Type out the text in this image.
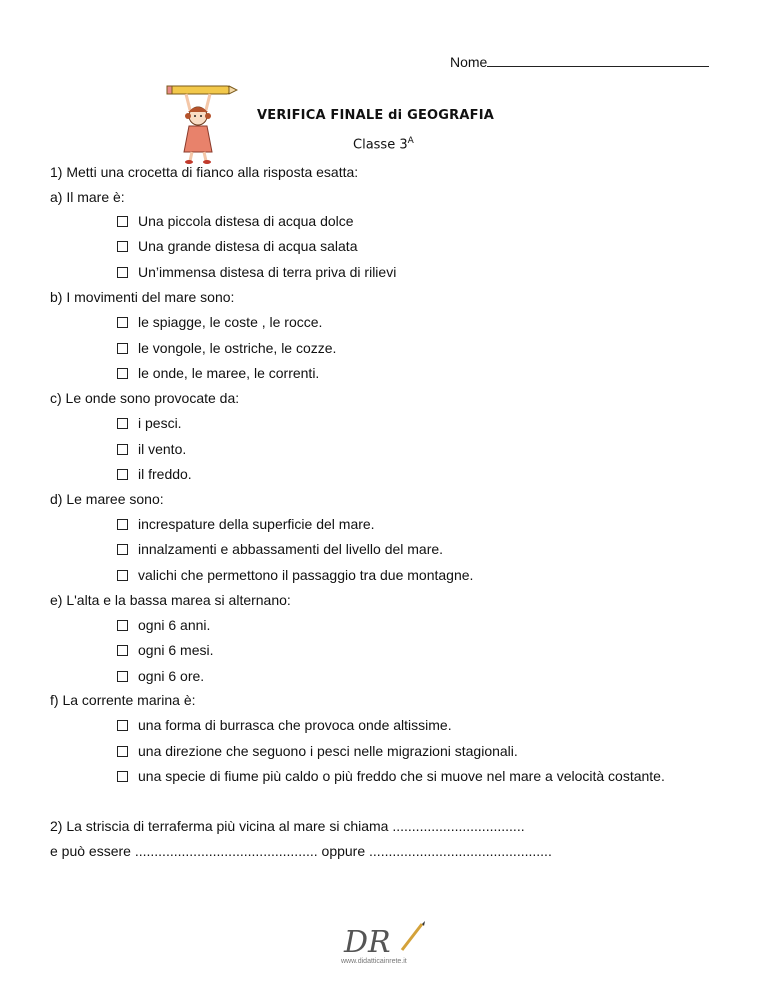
Nome
VERIFICA FINALE di GEOGRAFIA
Classe $3^A$
1) Metti una crocetta di fianco alla risposta esatta:
a) Il mare è:
Una piccola distesa di acqua dolce
Una grande distesa di acqua salata
Un’immensa distesa di terra priva di rilievi
b) I movimenti del mare sono:
le spiagge, le coste , le rocce.
le vongole, le ostriche, le cozze.
le onde, le maree, le correnti.
c) Le onde sono provocate da:
i pesci.
il vento.
il freddo.
d) Le maree sono:
increspature della superficie del mare.
innalzamenti e abbassamenti del livello del mare.
valichi che permettono il passaggio tra due montagne.
e) L'alta e la bassa marea si alternano:
ogni 6 anni.
ogni 6 mesi.
ogni 6 ore.
f) La corrente marina è:
una forma di burrasca che provoca onde altissime.
una direzione che seguono i pesci nelle migrazioni stagionali.
una specie di fiume più caldo o più freddo che si muove nel mare a velocità costante.
2) La striscia di terraferma più vicina al mare si chiama ..................................
e può essere ............................................... oppure ...............................................
DR
www.didatticainrete.it
